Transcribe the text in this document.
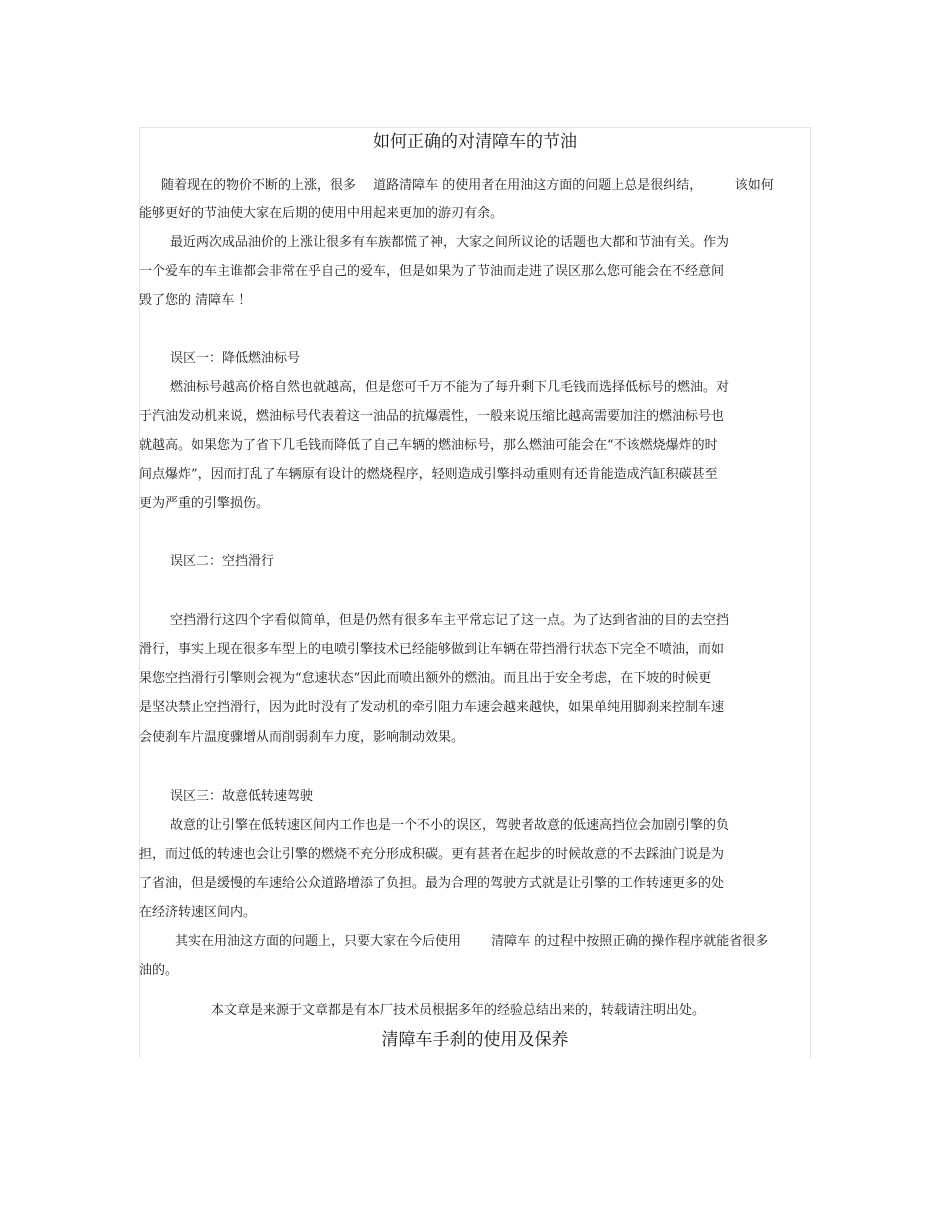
如何正确的对清障车的节油
随着现在的物价不断的上涨，很多　 道路清障车 的使用者在用油这方面的问题上总是很纠结，　　　该如何
能够更好的节油使大家在后期的使用中用起来更加的游刃有余。
最近两次成品油价的上涨让很多有车族都慌了神，大家之间所议论的话题也大都和节油有关。作为
一个爱车的车主谁都会非常在乎自己的爱车，但是如果为了节油而走进了误区那么您可能会在不经意间
毁了您的 清障车 ！
误区一：降低燃油标号
燃油标号越高价格自然也就越高，但是您可千万不能为了每升剩下几毛钱而选择低标号的燃油。对
于汽油发动机来说，燃油标号代表着这一油品的抗爆震性，一般来说压缩比越高需要加注的燃油标号也
就越高。如果您为了省下几毛钱而降低了自己车辆的燃油标号，那么燃油可能会在“不该燃烧爆炸的时
间点爆炸”，因而打乱了车辆原有设计的燃烧程序，轻则造成引擎抖动重则有还肯能造成汽缸积碳甚至
更为严重的引擎损伤。
误区二：空挡滑行
空挡滑行这四个字看似简单，但是仍然有很多车主平常忘记了这一点。为了达到省油的目的去空挡
滑行，事实上现在很多车型上的电喷引擎技术已经能够做到让车辆在带挡滑行状态下完全不喷油，而如
果您空挡滑行引擎则会视为“怠速状态”因此而喷出额外的燃油。而且出于安全考虑，在下坡的时候更
是坚决禁止空挡滑行，因为此时没有了发动机的牵引阻力车速会越来越快，如果单纯用脚刹来控制车速
会使刹车片温度骤增从而削弱刹车力度，影响制动效果。
误区三：故意低转速驾驶
故意的让引擎在低转速区间内工作也是一个不小的误区，驾驶者故意的低速高挡位会加剧引擎的负
担，而过低的转速也会让引擎的燃烧不充分形成积碳。更有甚者在起步的时候故意的不去踩油门说是为
了省油，但是缓慢的车速给公众道路增添了负担。最为合理的驾驶方式就是让引擎的工作转速更多的处
在经济转速区间内。
其实在用油这方面的问题上，只要大家在今后使用　　 清障车 的过程中按照正确的操作程序就能省很多
油的。
本文章是来源于文章都是有本厂技术员根据多年的经验总结出来的，转载请注明出处。
清障车手刹的使用及保养
